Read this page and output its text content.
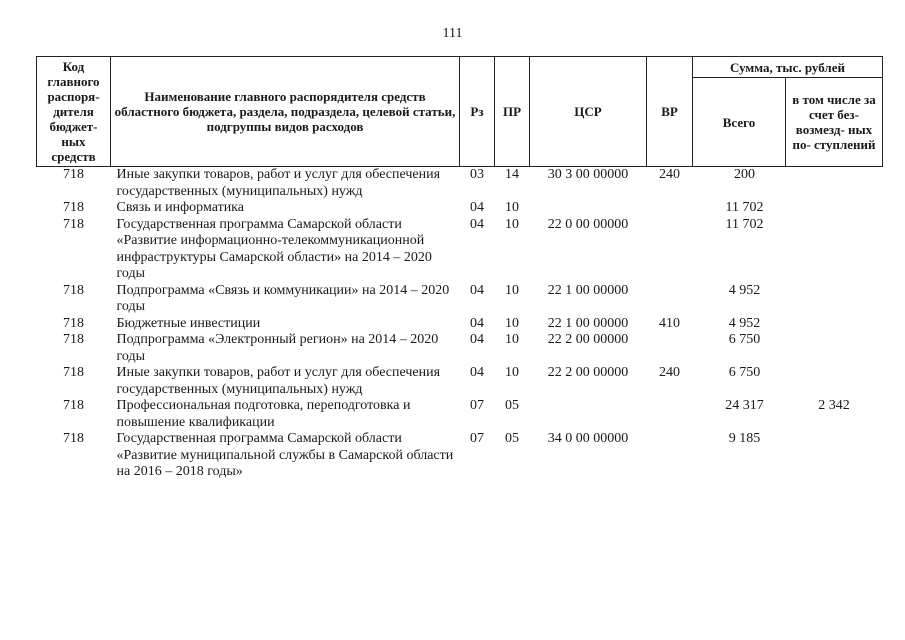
111
Код главного распоря- дителя бюджет- ных средств	Наименование главного распорядителя средств областного бюджета, раздела, подраздела, целевой статьи, подгруппы видов расходов	Рз	ПР	ЦСР	ВР	Сумма, тыс. рублей	
						Всего	в том числе за счет без- возмезд- ных по- ступлений
718	Иные закупки товаров, работ и услуг для обеспечения государственных (муниципальных) нужд	03	14	30 3 00 00000	240	200	
718	Связь и информатика	04	10			11 702	
718	Государственная программа Самарской области «Развитие информационно-телекоммуникационной инфраструктуры Самарской области» на 2014 – 2020 годы	04	10	22 0 00 00000		11 702	
718	Подпрограмма «Связь и коммуникации» на 2014 – 2020 годы	04	10	22 1 00 00000		4 952	
718	Бюджетные инвестиции	04	10	22 1 00 00000	410	4 952	
718	Подпрограмма «Электронный регион» на 2014 – 2020 годы	04	10	22 2 00 00000		6 750	
718	Иные закупки товаров, работ и услуг для обеспечения государственных (муниципальных) нужд	04	10	22 2 00 00000	240	6 750	
718	Профессиональная подготовка, переподготовка и повышение квалификации	07	05			24 317	2 342
718	Государственная программа Самарской области «Развитие муниципальной службы в Самарской области на 2016 – 2018 годы»	07	05	34 0 00 00000		9 185	
